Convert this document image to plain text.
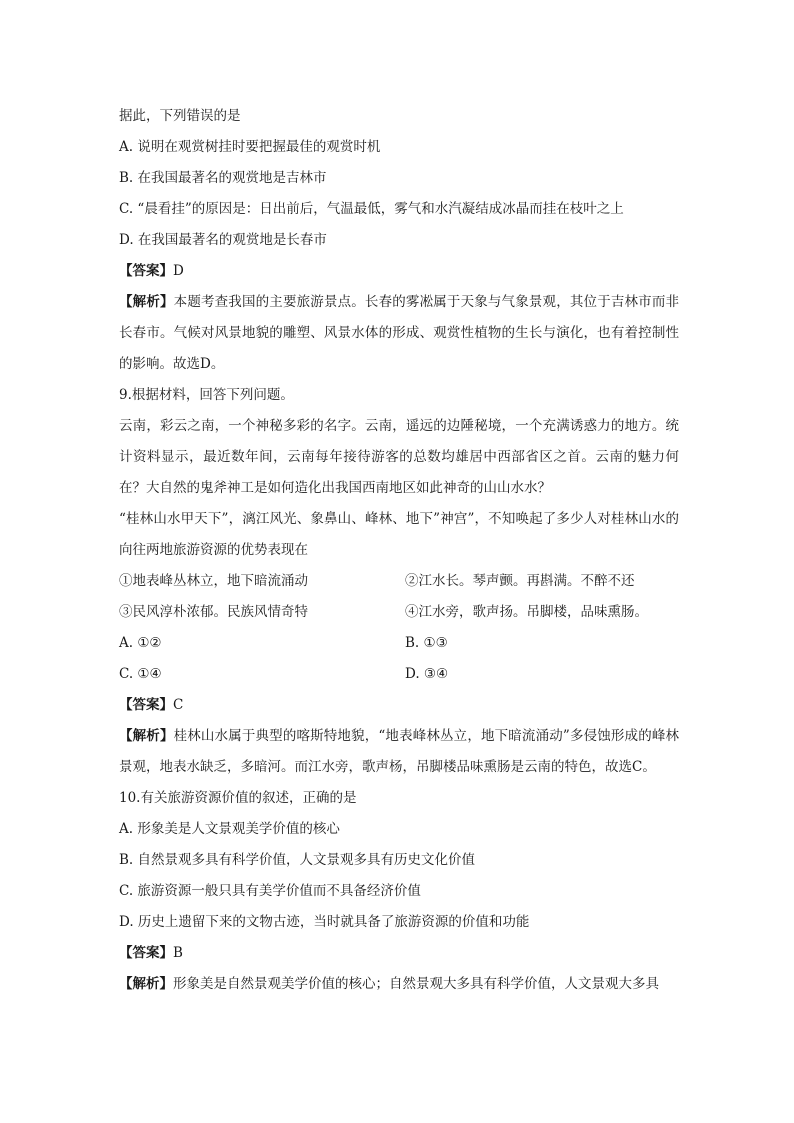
据此，下列错误的是
A. 说明在观赏树挂时要把握最佳的观赏时机
B. 在我国最著名的观赏地是吉林市
C. “晨看挂”的原因是：日出前后，气温最低，雾气和水汽凝结成冰晶而挂在枝叶之上
D. 在我国最著名的观赏地是长春市
【答案】D
【解析】本题考查我国的主要旅游景点。长春的雾凇属于天象与气象景观，其位于吉林市而非长春市。气候对风景地貌的雕塑、风景水体的形成、观赏性植物的生长与演化，也有着控制性的影响。故选D。
9.根据材料，回答下列问题。
云南，彩云之南，一个神秘多彩的名字。云南，遥远的边陲秘境，一个充满诱惑力的地方。统计资料显示，最近数年间，云南每年接待游客的总数均雄居中西部省区之首。云南的魅力何在？大自然的鬼斧神工是如何造化出我国西南地区如此神奇的山山水水？
“桂林山水甲天下”，漓江风光、象鼻山、峰林、地下”神宫”，不知唤起了多少人对桂林山水的向往两地旅游资源的优势表现在
①地表峰丛林立，地下暗流涌动	②江水长。琴声颤。再斟满。不醉不还
③民风淳朴浓郁。民族风情奇特	④江水旁，歌声扬。吊脚楼，品味熏肠。
A. ①②	B. ①③
C. ①④	D. ③④
【答案】C
【解析】桂林山水属于典型的喀斯特地貌，“地表峰林丛立，地下暗流涌动”多侵蚀形成的峰林景观，地表水缺乏，多暗河。而江水旁，歌声杨，吊脚楼品味熏肠是云南的特色，故选C。
10.有关旅游资源价值的叙述，正确的是
A. 形象美是人文景观美学价值的核心
B. 自然景观多具有科学价值，人文景观多具有历史文化价值
C. 旅游资源一般只具有美学价值而不具备经济价值
D. 历史上遗留下来的文物古迹，当时就具备了旅游资源的价值和功能
【答案】B
【解析】形象美是自然景观美学价值的核心；自然景观大多具有科学价值，人文景观大多具
